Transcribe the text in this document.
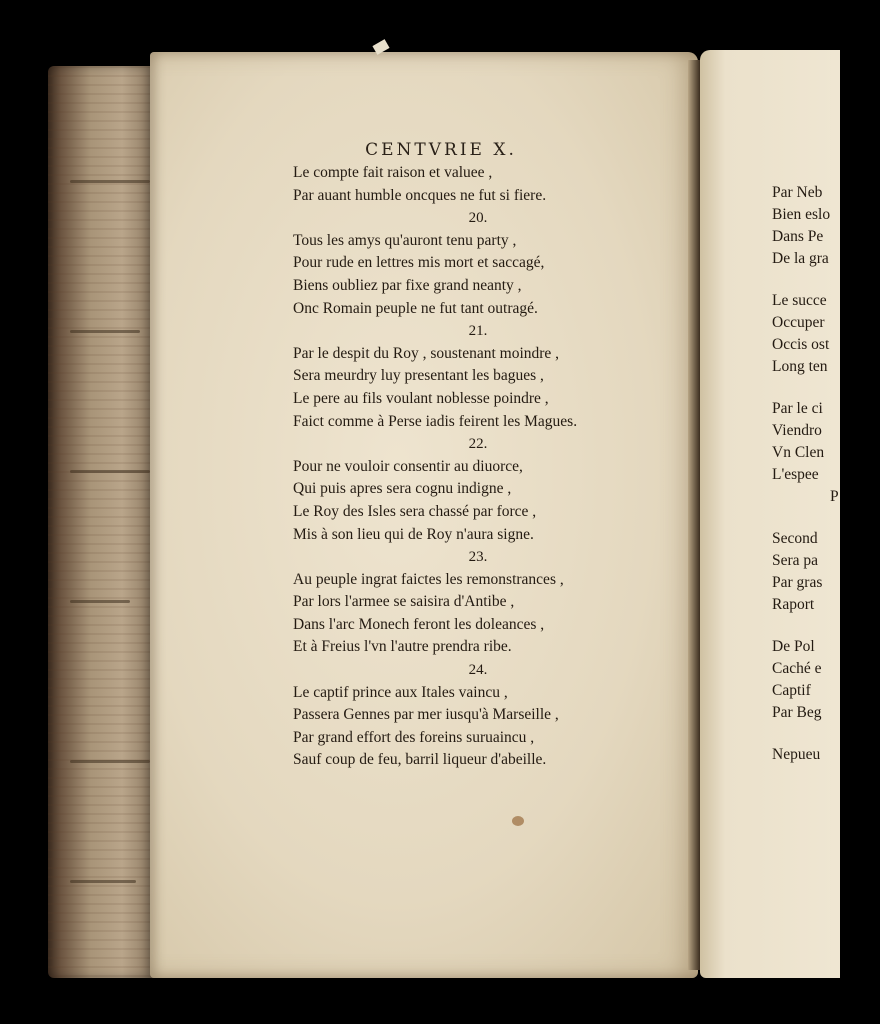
CENTVRIE X.
Le compte fait raison et valuee ,
Par auant humble oncques ne fut si fiere.
20.
Tous les amys qu'auront tenu party ,
Pour rude en lettres mis mort et saccagé,
Biens oubliez par fixe grand neanty ,
Onc Romain peuple ne fut tant outragé.
21.
Par le despit du Roy , soustenant moindre ,
Sera meurdry luy presentant les bagues ,
Le pere au fils voulant noblesse poindre ,
Faict comme à Perse iadis feirent les Magues.
22.
Pour ne vouloir consentir au diuorce,
Qui puis apres sera cognu indigne ,
Le Roy des Isles sera chassé par force ,
Mis à son lieu qui de Roy n'aura signe.
23.
Au peuple ingrat faictes les remonstrances ,
Par lors l'armee se saisira d'Antibe ,
Dans l'arc Monech feront les doleances ,
Et à Freius l'vn l'autre prendra ribe.
24.
Le captif prince aux Itales vaincu ,
Passera Gennes par mer iusqu'à Marseille ,
Par grand effort des foreins suruaincu ,
Sauf coup de feu, barril liqueur d'abeille.
Par Neb
Bien eslo
Dans Pe
De la gra
Le succe
Occuper
Occis ost
Long ten
Par le ci
Viendro
Vn Clen
L'espee
P
Second
Sera pa
Par gras
Raport
De Pol
Caché e
Captif
Par Beg
Nepueu
